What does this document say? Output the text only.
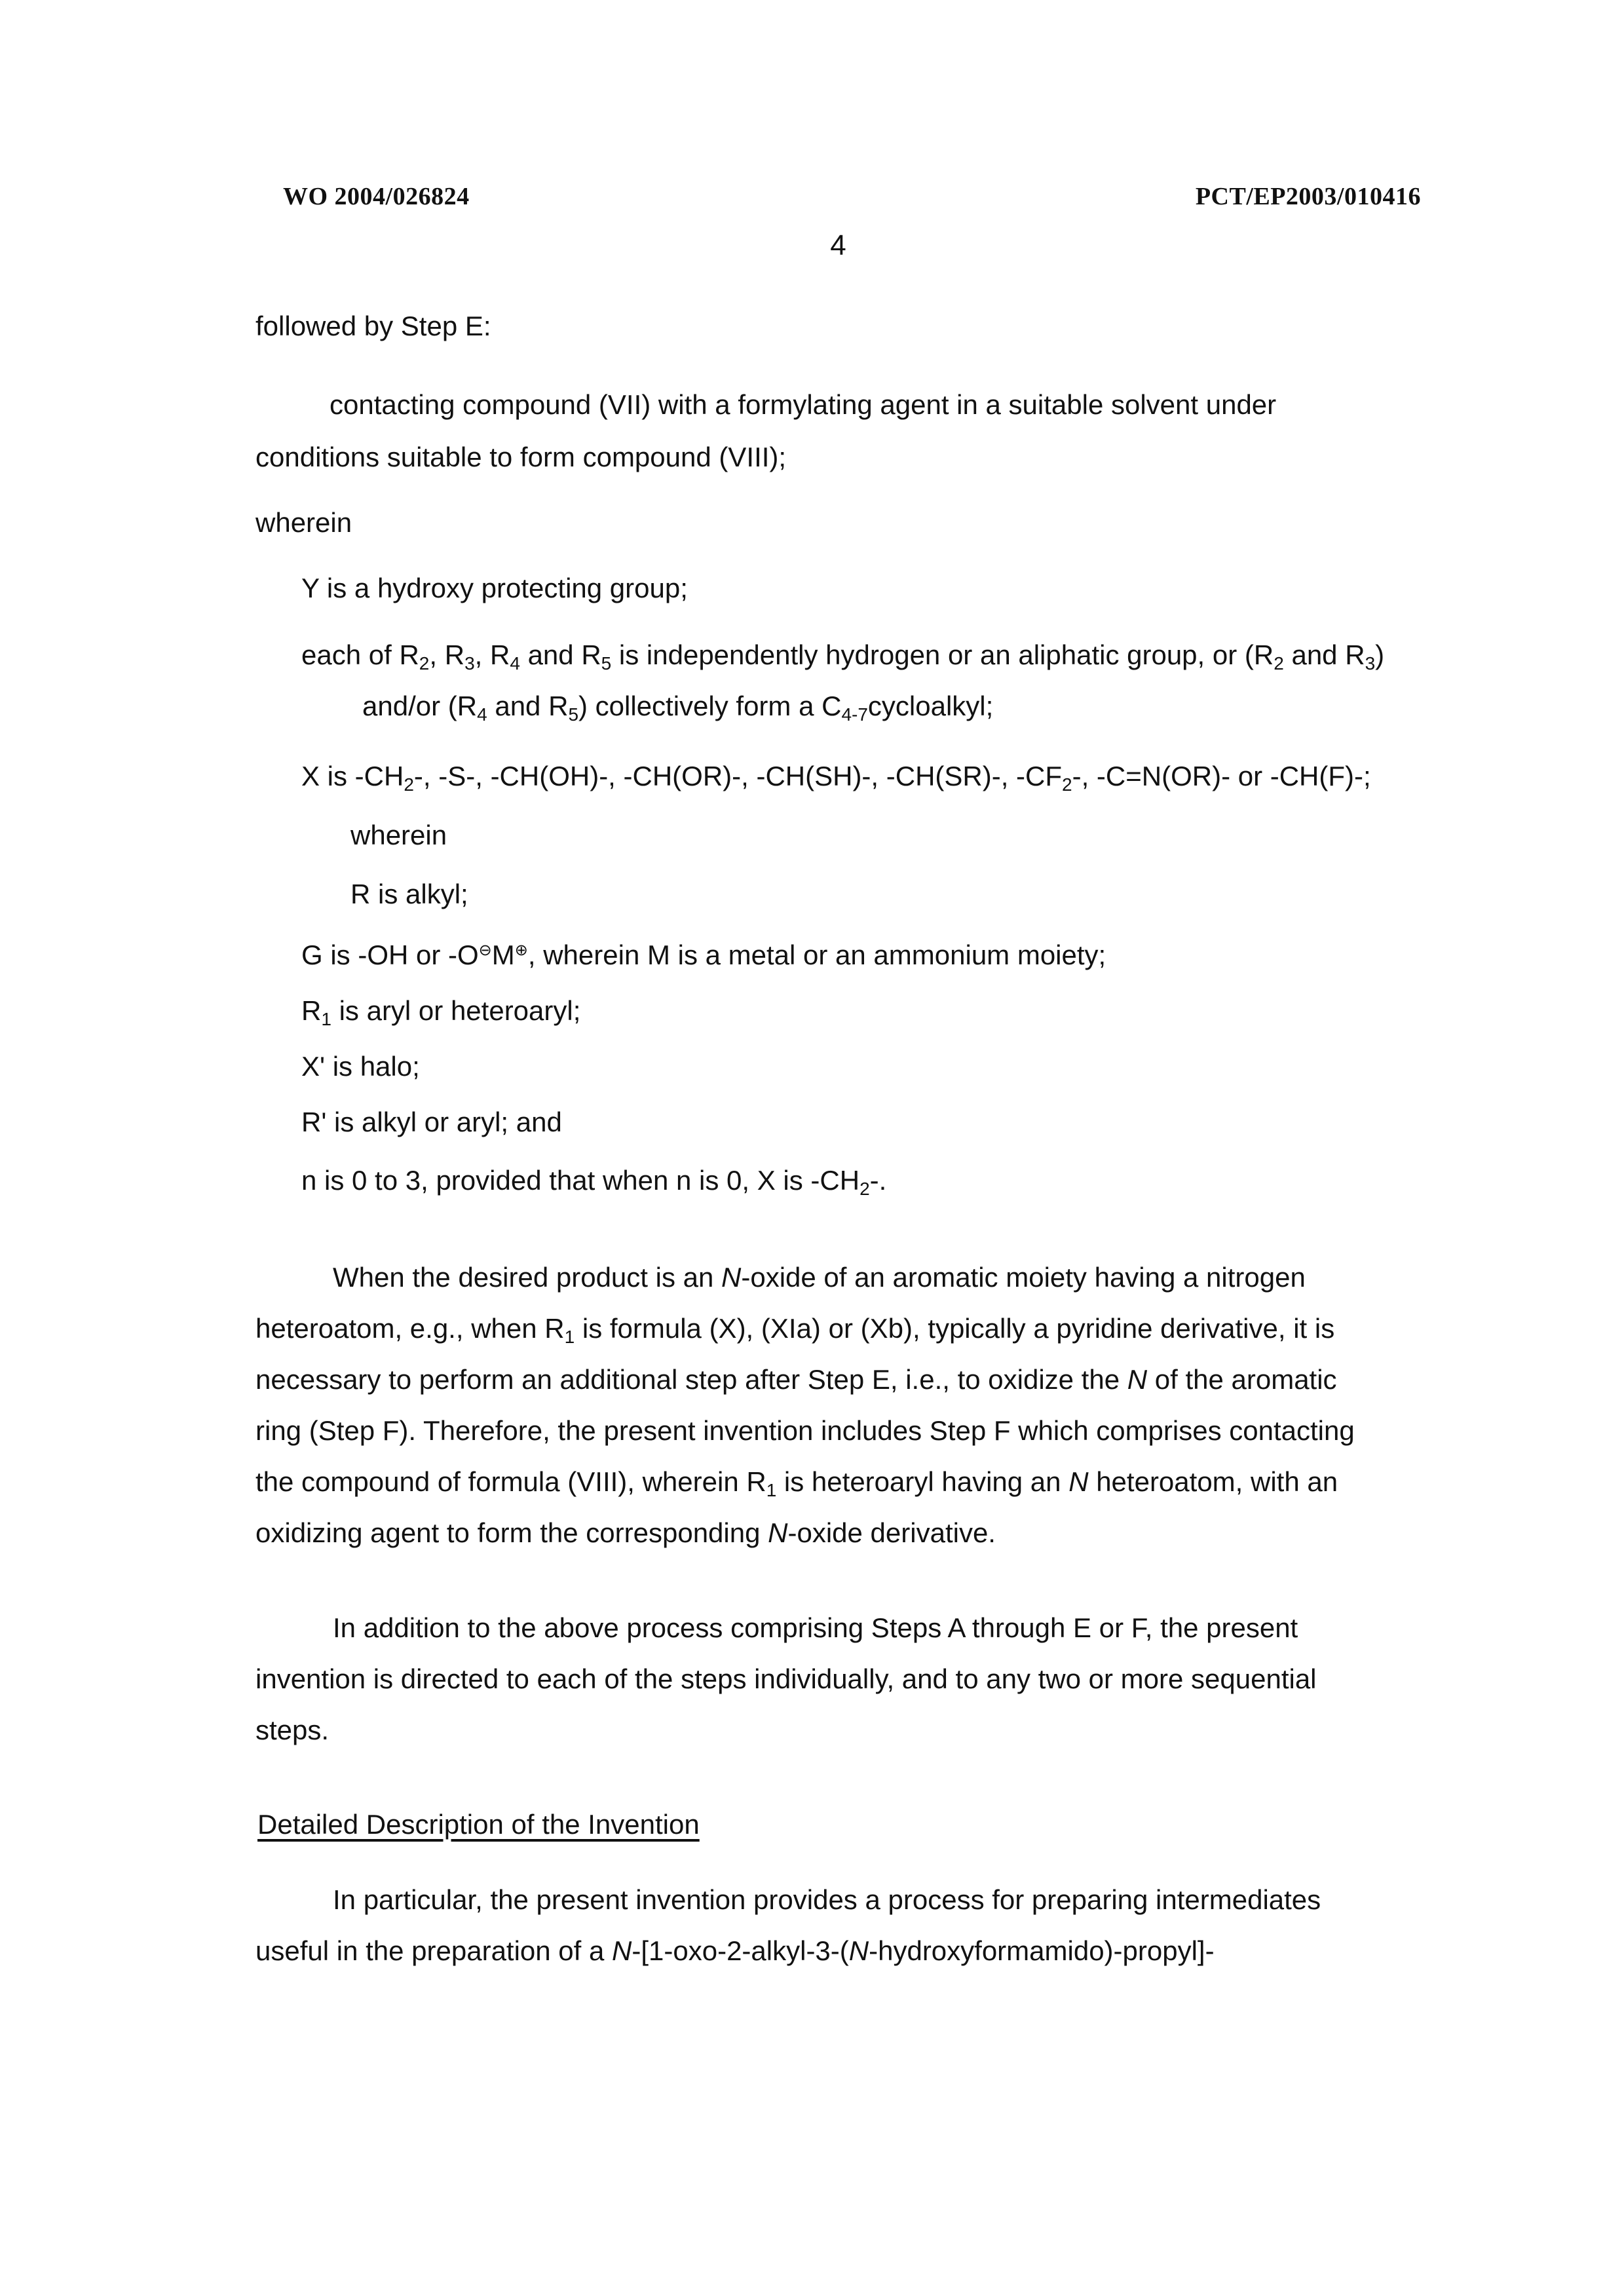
WO 2004/026824	PCT/EP2003/010416
4
followed by Step E:
contacting compound (VII) with a formylating agent in a suitable solvent under
conditions suitable to form compound (VIII);
wherein
Y is a hydroxy protecting group;
each of $R_2$, $R_3$, $R_4$ and $R_5$ is independently hydrogen or an aliphatic group, or ($R_2$ and $R_3$)
and/or ($R_4$ and $R_5$) collectively form a $C_{4-7}cycloalkyl$;
X is $-CH_2-$, -S-, -CH(OH)-, -CH(OR)-, -CH(SH)-, -CH(SR)-, $-CF_2-$, -C=N(OR)- or -CH(F)-;
wherein
R is alkyl;
G is -OH or -O⊖M⊕, wherein M is a metal or an ammonium moiety;
$R_1$ is aryl or heteroaryl;
X' is halo;
R' is alkyl or aryl; and
n is 0 to 3, provided that when n is 0, X is $-CH_2-$.
When the desired product is an N-oxide of an aromatic moiety having a nitrogen
heteroatom, e.g., when $R_1$ is formula (X), (XIa) or (Xb), typically a pyridine derivative, it is
necessary to perform an additional step after Step E, i.e., to oxidize the N of the aromatic
ring (Step F). Therefore, the present invention includes Step F which comprises contacting
the compound of formula (VIII), wherein $R_1$ is heteroaryl having an N heteroatom, with an
oxidizing agent to form the corresponding N-oxide derivative.
In addition to the above process comprising Steps A through E or F, the present
invention is directed to each of the steps individually, and to any two or more sequential
steps.
Detailed Description of the Invention
In particular, the present invention provides a process for preparing intermediates
useful in the preparation of a N-[1-oxo-2-alkyl-3-(N-hydroxyformamido)-propyl]-
